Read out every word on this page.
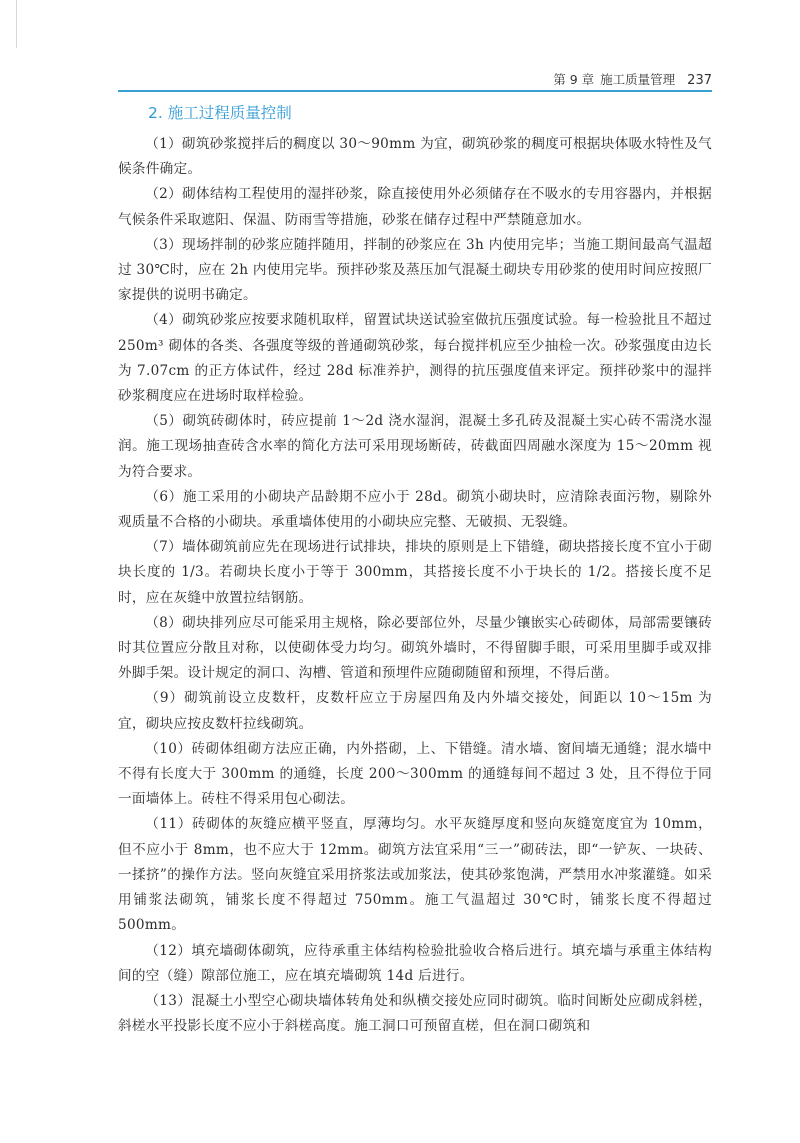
第 9 章 施工质量管理 237
2. 施工过程质量控制

（1）砌筑砂浆搅拌后的稠度以 30～90mm 为宜，砌筑砂浆的稠度可根据块体吸水特性及气候条件确定。

（2）砌体结构工程使用的湿拌砂浆，除直接使用外必须储存在不吸水的专用容器内，并根据气候条件采取遮阳、保温、防雨雪等措施，砂浆在储存过程中严禁随意加水。

（3）现场拌制的砂浆应随拌随用，拌制的砂浆应在 3h 内使用完毕；当施工期间最高气温超过 30℃时，应在 2h 内使用完毕。预拌砂浆及蒸压加气混凝土砌块专用砂浆的使用时间应按照厂家提供的说明书确定。

（4）砌筑砂浆应按要求随机取样，留置试块送试验室做抗压强度试验。每一检验批且不超过 250m³ 砌体的各类、各强度等级的普通砌筑砂浆，每台搅拌机应至少抽检一次。砂浆强度由边长为 7.07cm 的正方体试件，经过 28d 标准养护，测得的抗压强度值来评定。预拌砂浆中的湿拌砂浆稠度应在进场时取样检验。

（5）砌筑砖砌体时，砖应提前 1～2d 浇水湿润，混凝土多孔砖及混凝土实心砖不需浇水湿润。施工现场抽查砖含水率的简化方法可采用现场断砖，砖截面四周融水深度为 15～20mm 视为符合要求。

（6）施工采用的小砌块产品龄期不应小于 28d。砌筑小砌块时，应清除表面污物，剔除外观质量不合格的小砌块。承重墙体使用的小砌块应完整、无破损、无裂缝。

（7）墙体砌筑前应先在现场进行试排块，排块的原则是上下错缝，砌块搭接长度不宜小于砌块长度的 1/3。若砌块长度小于等于 300mm，其搭接长度不小于块长的 1/2。搭接长度不足时，应在灰缝中放置拉结钢筋。

（8）砌块排列应尽可能采用主规格，除必要部位外，尽量少镶嵌实心砖砌体，局部需要镶砖时其位置应分散且对称，以使砌体受力均匀。砌筑外墙时，不得留脚手眼，可采用里脚手或双排外脚手架。设计规定的洞口、沟槽、管道和预埋件应随砌随留和预埋，不得后凿。

（9）砌筑前设立皮数杆，皮数杆应立于房屋四角及内外墙交接处，间距以 10～15m 为宜，砌块应按皮数杆拉线砌筑。

（10）砖砌体组砌方法应正确，内外搭砌，上、下错缝。清水墙、窗间墙无通缝；混水墙中不得有长度大于 300mm 的通缝，长度 200～300mm 的通缝每间不超过 3 处，且不得位于同一面墙体上。砖柱不得采用包心砌法。

（11）砖砌体的灰缝应横平竖直，厚薄均匀。水平灰缝厚度和竖向灰缝宽度宜为 10mm，但不应小于 8mm，也不应大于 12mm。砌筑方法宜采用“三一”砌砖法，即“一铲灰、一块砖、一揉挤”的操作方法。竖向灰缝宜采用挤浆法或加浆法，使其砂浆饱满，严禁用水冲浆灌缝。如采用铺浆法砌筑，铺浆长度不得超过 750mm。施工气温超过 30℃时，铺浆长度不得超过 500mm。

（12）填充墙砌体砌筑，应待承重主体结构检验批验收合格后进行。填充墙与承重主体结构间的空（缝）隙部位施工，应在填充墙砌筑 14d 后进行。

（13）混凝土小型空心砌块墙体转角处和纵横交接处应同时砌筑。临时间断处应砌成斜槎，斜槎水平投影长度不应小于斜槎高度。施工洞口可预留直槎，但在洞口砌筑和
